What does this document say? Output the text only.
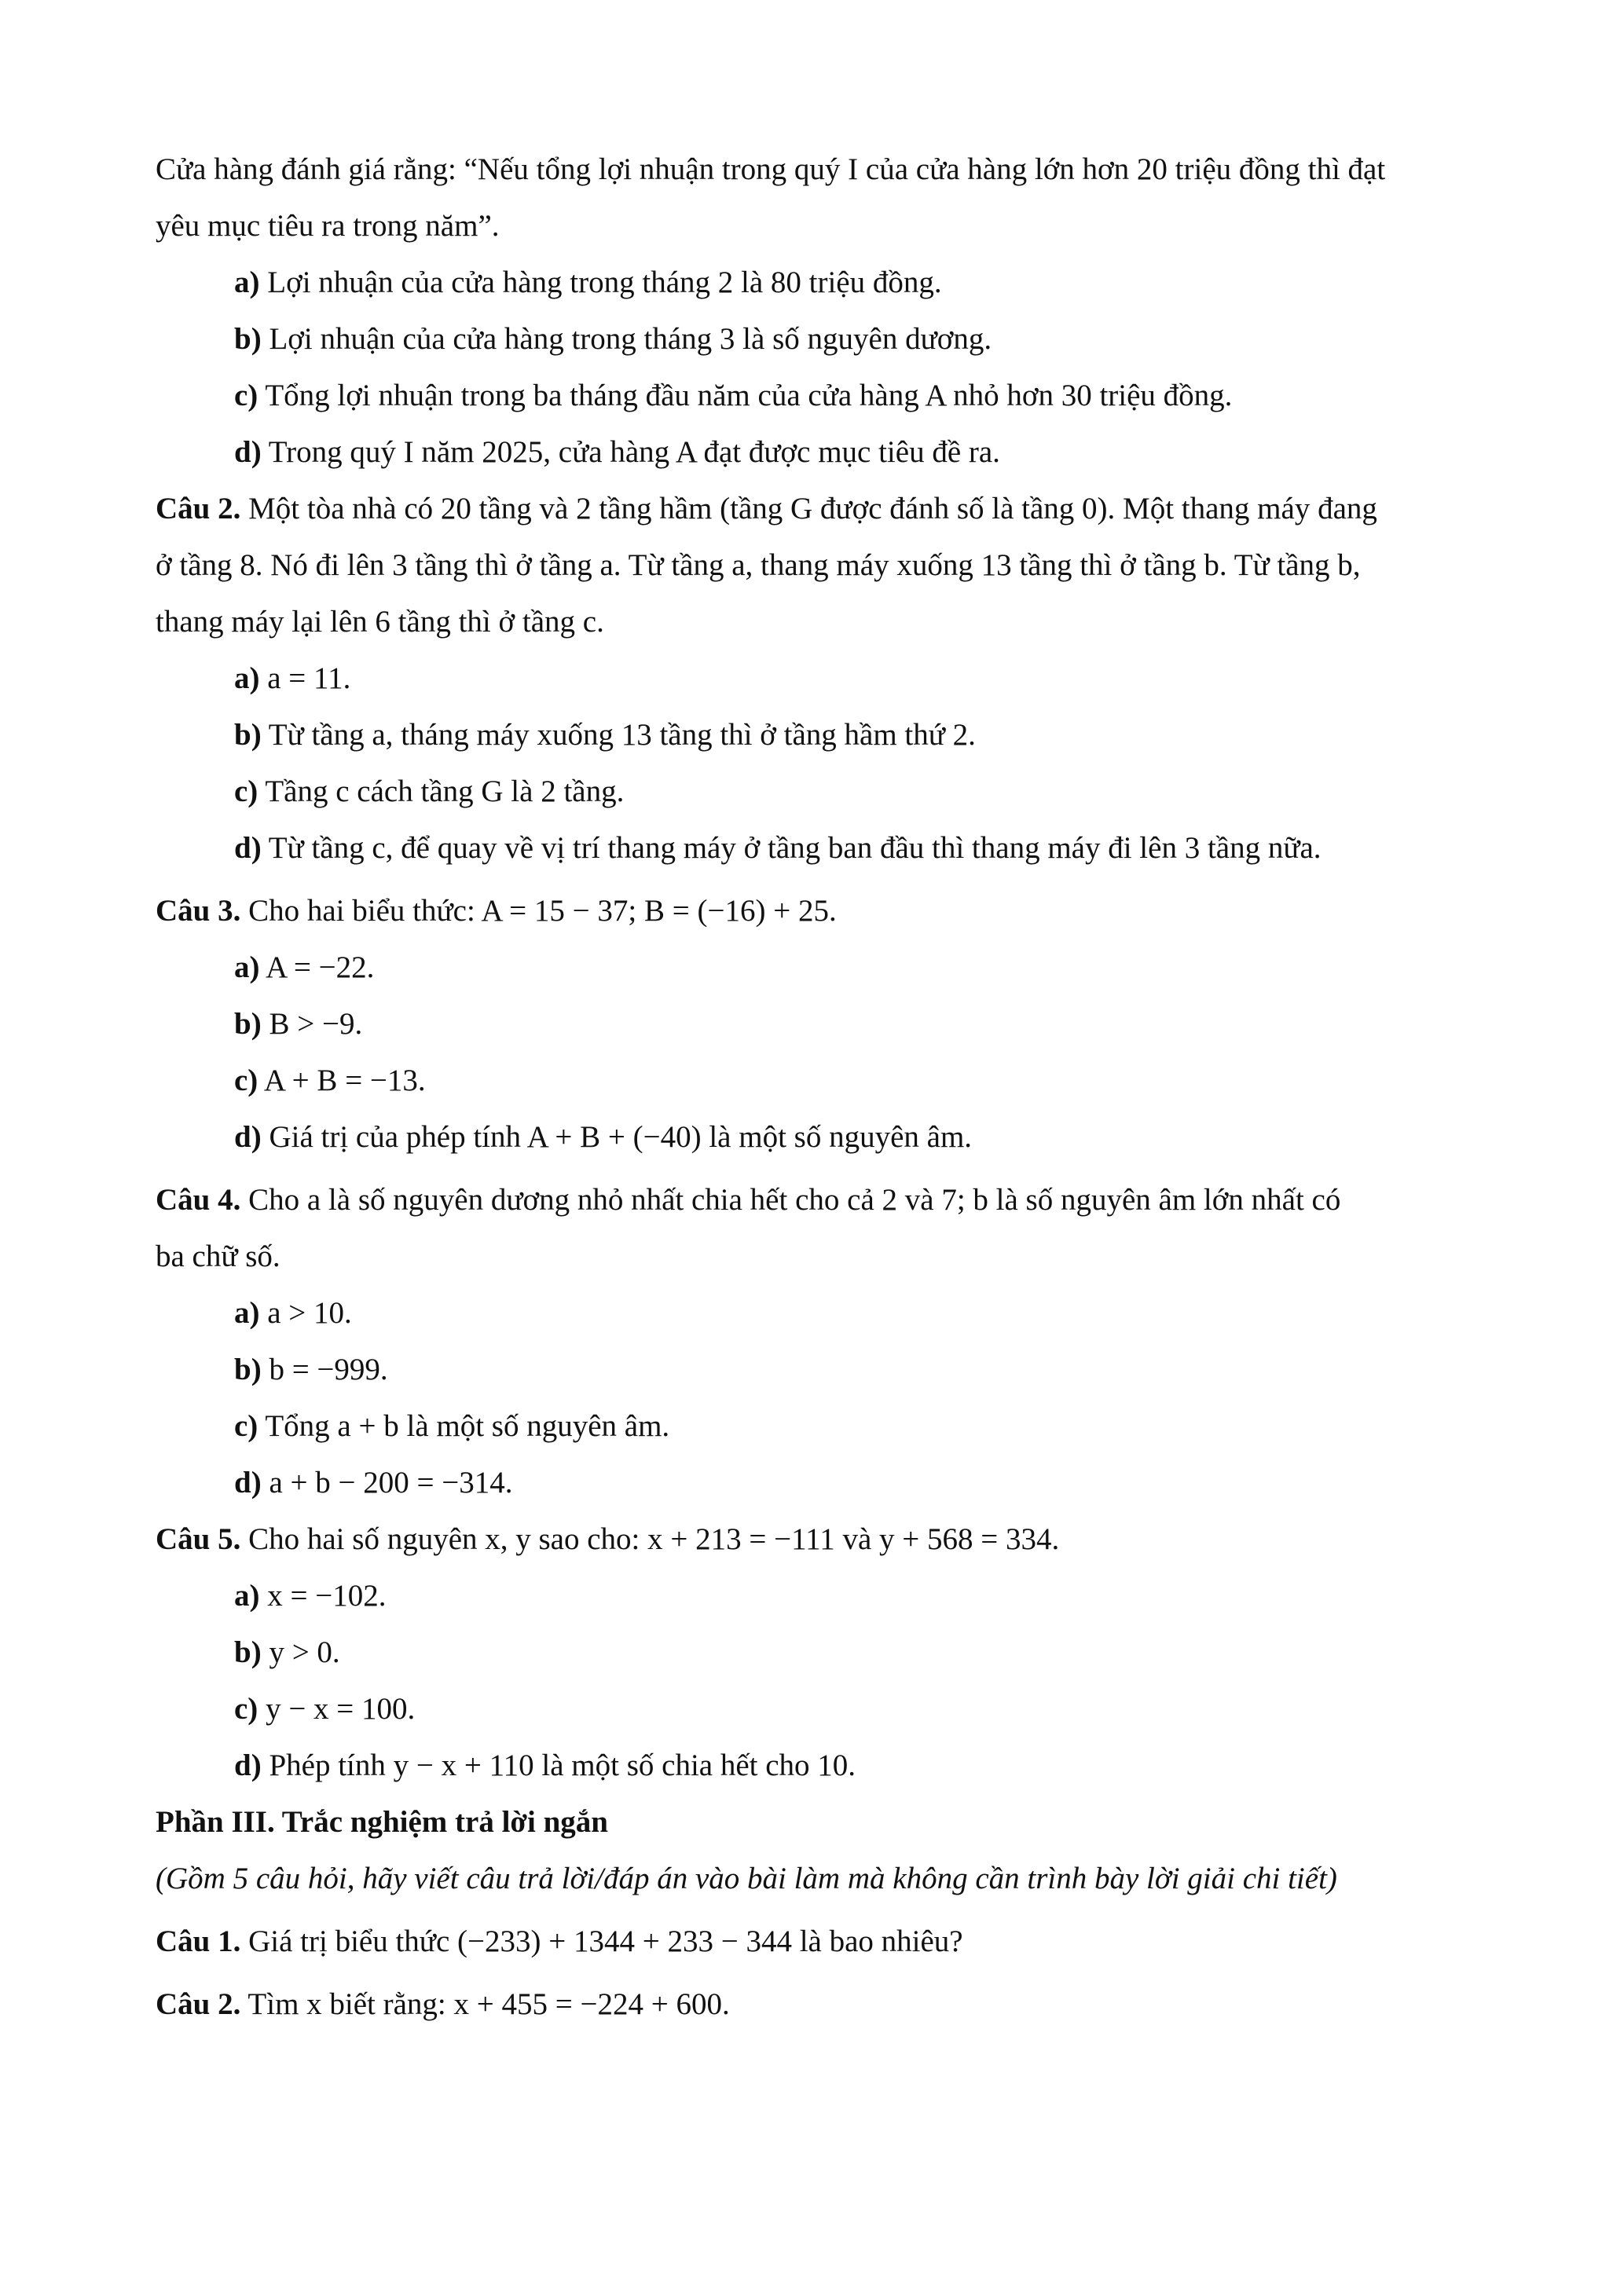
Cửa hàng đánh giá rằng: “Nếu tổng lợi nhuận trong quý I của cửa hàng lớn hơn 20 triệu đồng thì đạt
yêu mục tiêu ra trong năm”.
a) Lợi nhuận của cửa hàng trong tháng 2 là 80 triệu đồng.
b) Lợi nhuận của cửa hàng trong tháng 3 là số nguyên dương.
c) Tổng lợi nhuận trong ba tháng đầu năm của cửa hàng A nhỏ hơn 30 triệu đồng.
d) Trong quý I năm 2025, cửa hàng A đạt được mục tiêu đề ra.
Câu 2. Một tòa nhà có 20 tầng và 2 tầng hầm (tầng G được đánh số là tầng 0). Một thang máy đang
ở tầng 8. Nó đi lên 3 tầng thì ở tầng a. Từ tầng a, thang máy xuống 13 tầng thì ở tầng b. Từ tầng b,
thang máy lại lên 6 tầng thì ở tầng c.
a) a = 11.
b) Từ tầng a, tháng máy xuống 13 tầng thì ở tầng hầm thứ 2.
c) Tầng c cách tầng G là 2 tầng.
d) Từ tầng c, để quay về vị trí thang máy ở tầng ban đầu thì thang máy đi lên 3 tầng nữa.
Câu 3. Cho hai biểu thức: A = 15 − 37; B = (−16) + 25.
a) A = −22.
b) B > −9.
c) A + B = −13.
d) Giá trị của phép tính A + B + (−40) là một số nguyên âm.
Câu 4. Cho a là số nguyên dương nhỏ nhất chia hết cho cả 2 và 7; b là số nguyên âm lớn nhất có
ba chữ số.
a) a > 10.
b) b = −999.
c) Tổng a + b là một số nguyên âm.
d) a + b − 200 = −314.
Câu 5. Cho hai số nguyên x, y sao cho: x + 213 = −111 và y + 568 = 334.
a) x = −102.
b) y > 0.
c) y − x = 100.
d) Phép tính y − x + 110 là một số chia hết cho 10.
Phần III. Trắc nghiệm trả lời ngắn
(Gồm 5 câu hỏi, hãy viết câu trả lời/đáp án vào bài làm mà không cần trình bày lời giải chi tiết)
Câu 1. Giá trị biểu thức (−233) + 1344 + 233 − 344 là bao nhiêu?
Câu 2. Tìm x biết rằng: x + 455 = −224 + 600.
